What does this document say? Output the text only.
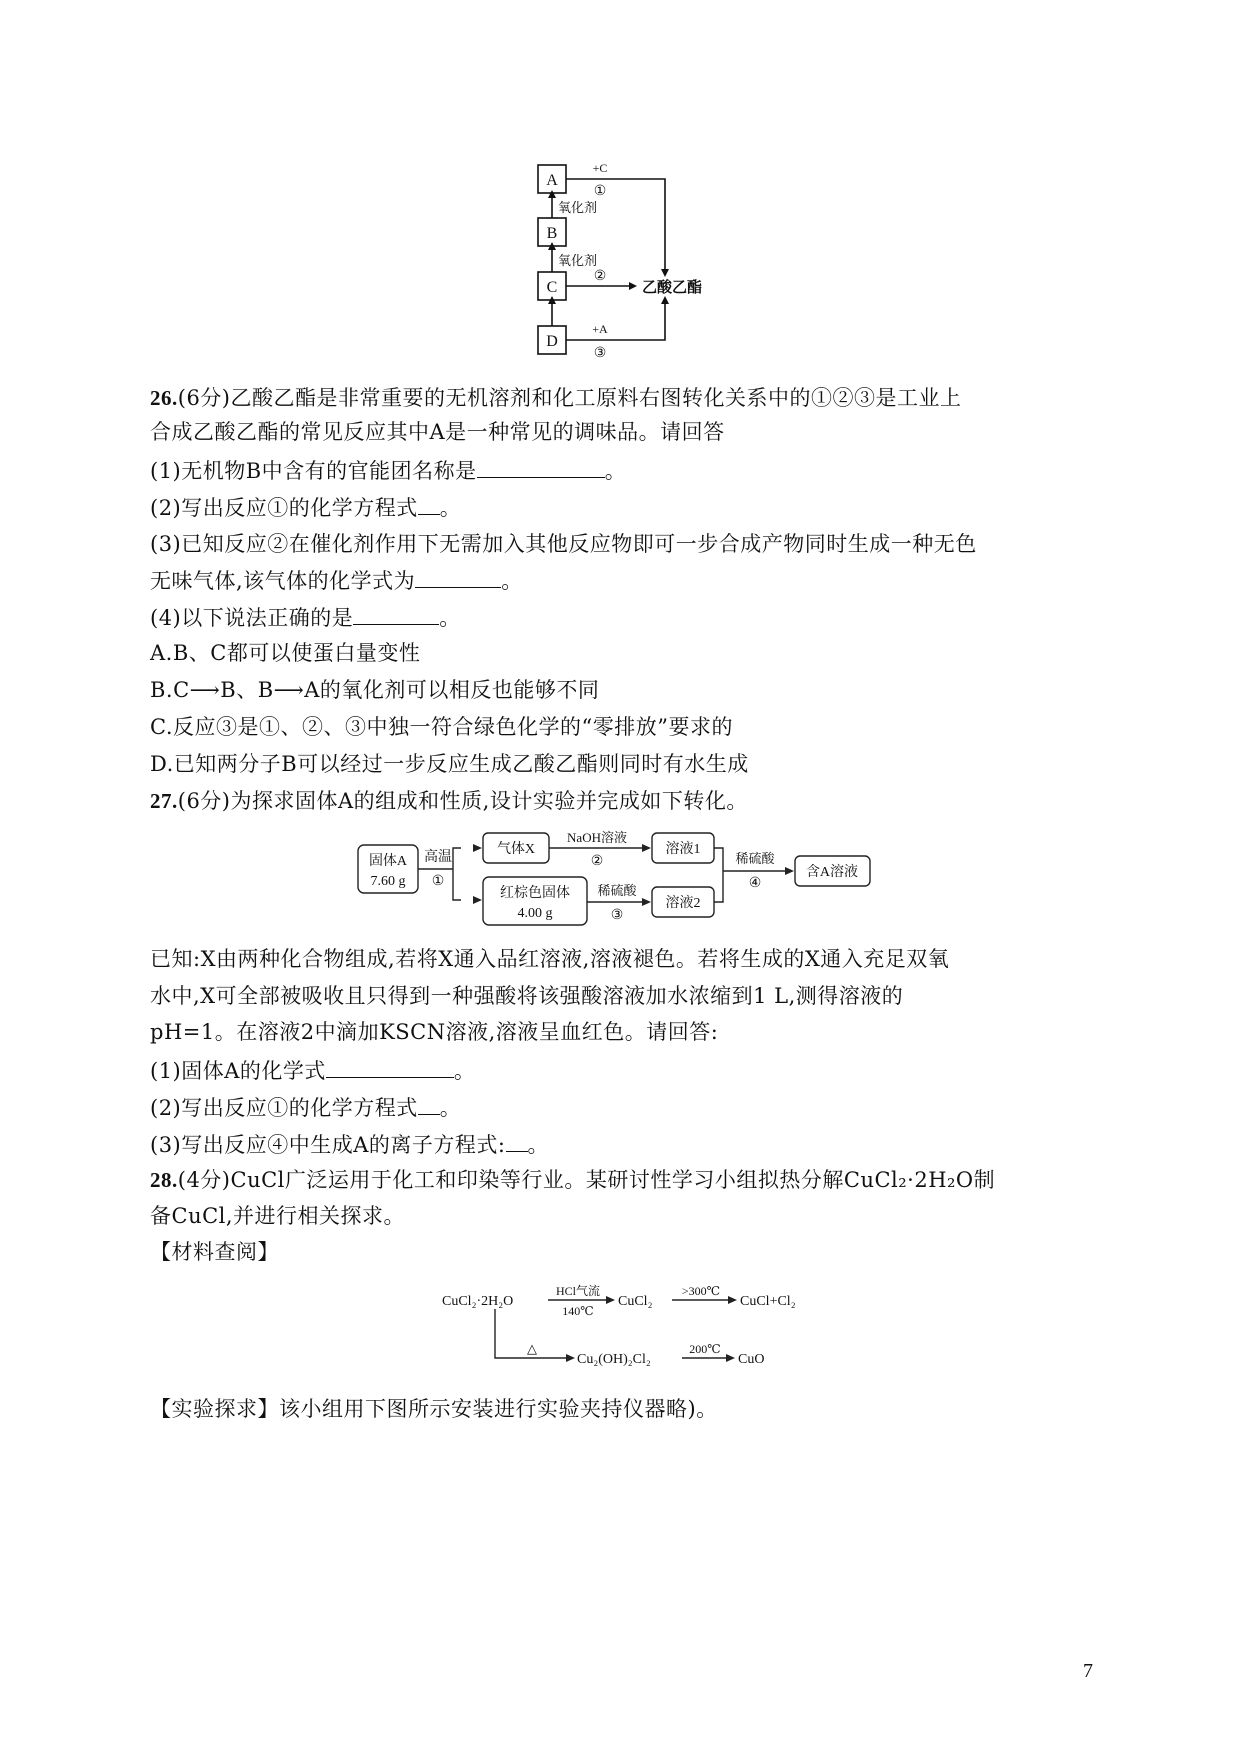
A
B
C
D
+C
①
氧化剂
氧化剂
②
乙酸乙酯
+A
③
26.(6分)乙酸乙酯是非常重要的无机溶剂和化工原料右图转化关系中的①②③是工业上
合成乙酸乙酯的常见反应其中A是一种常见的调味品。请回答
(1)无机物B中含有的官能团名称是	。
(2)写出反应①的化学方程式 。
(3)已知反应②在催化剂作用下无需加入其他反应物即可一步合成产物同时生成一种无色
无味气体,该气体的化学式为	。
(4)以下说法正确的是	。
A.B、C都可以使蛋白量变性
B.C⟶B、B⟶A的氧化剂可以相反也能够不同
C.反应③是①、②、③中独一符合绿色化学的“零排放”要求的
D.已知两分子B可以经过一步反应生成乙酸乙酯则同时有水生成
27.(6分)为探求固体A的组成和性质,设计实验并完成如下转化。
固体A
7.60 g
高温
①
气体X
NaOH溶液
②
溶液1
红棕色固体
4.00 g
稀硫酸
③
溶液2
稀硫酸
④
含A溶液
已知:X由两种化合物组成,若将X通入品红溶液,溶液褪色。若将生成的X通入充足双氧
水中,X可全部被吸收且只得到一种强酸将该强酸溶液加水浓缩到1 L,测得溶液的
pH=1。在溶液2中滴加KSCN溶液,溶液呈血红色。请回答:
(1)固体A的化学式	。
(2)写出反应①的化学方程式 。
(3)写出反应④中生成A的离子方程式: 。
28.(4分)CuCl广泛运用于化工和印染等行业。某研讨性学习小组拟热分解CuCl₂·2H₂O制
备CuCl,并进行相关探求。
【材料查阅】
CuCl₂·2H₂O
HCl气流
140℃
CuCl₂
>300℃
CuCl+Cl₂
△
Cu₂(OH)₂Cl₂
200℃
CuO
【实验探求】该小组用下图所示安装进行实验夹持仪器略)。
7
